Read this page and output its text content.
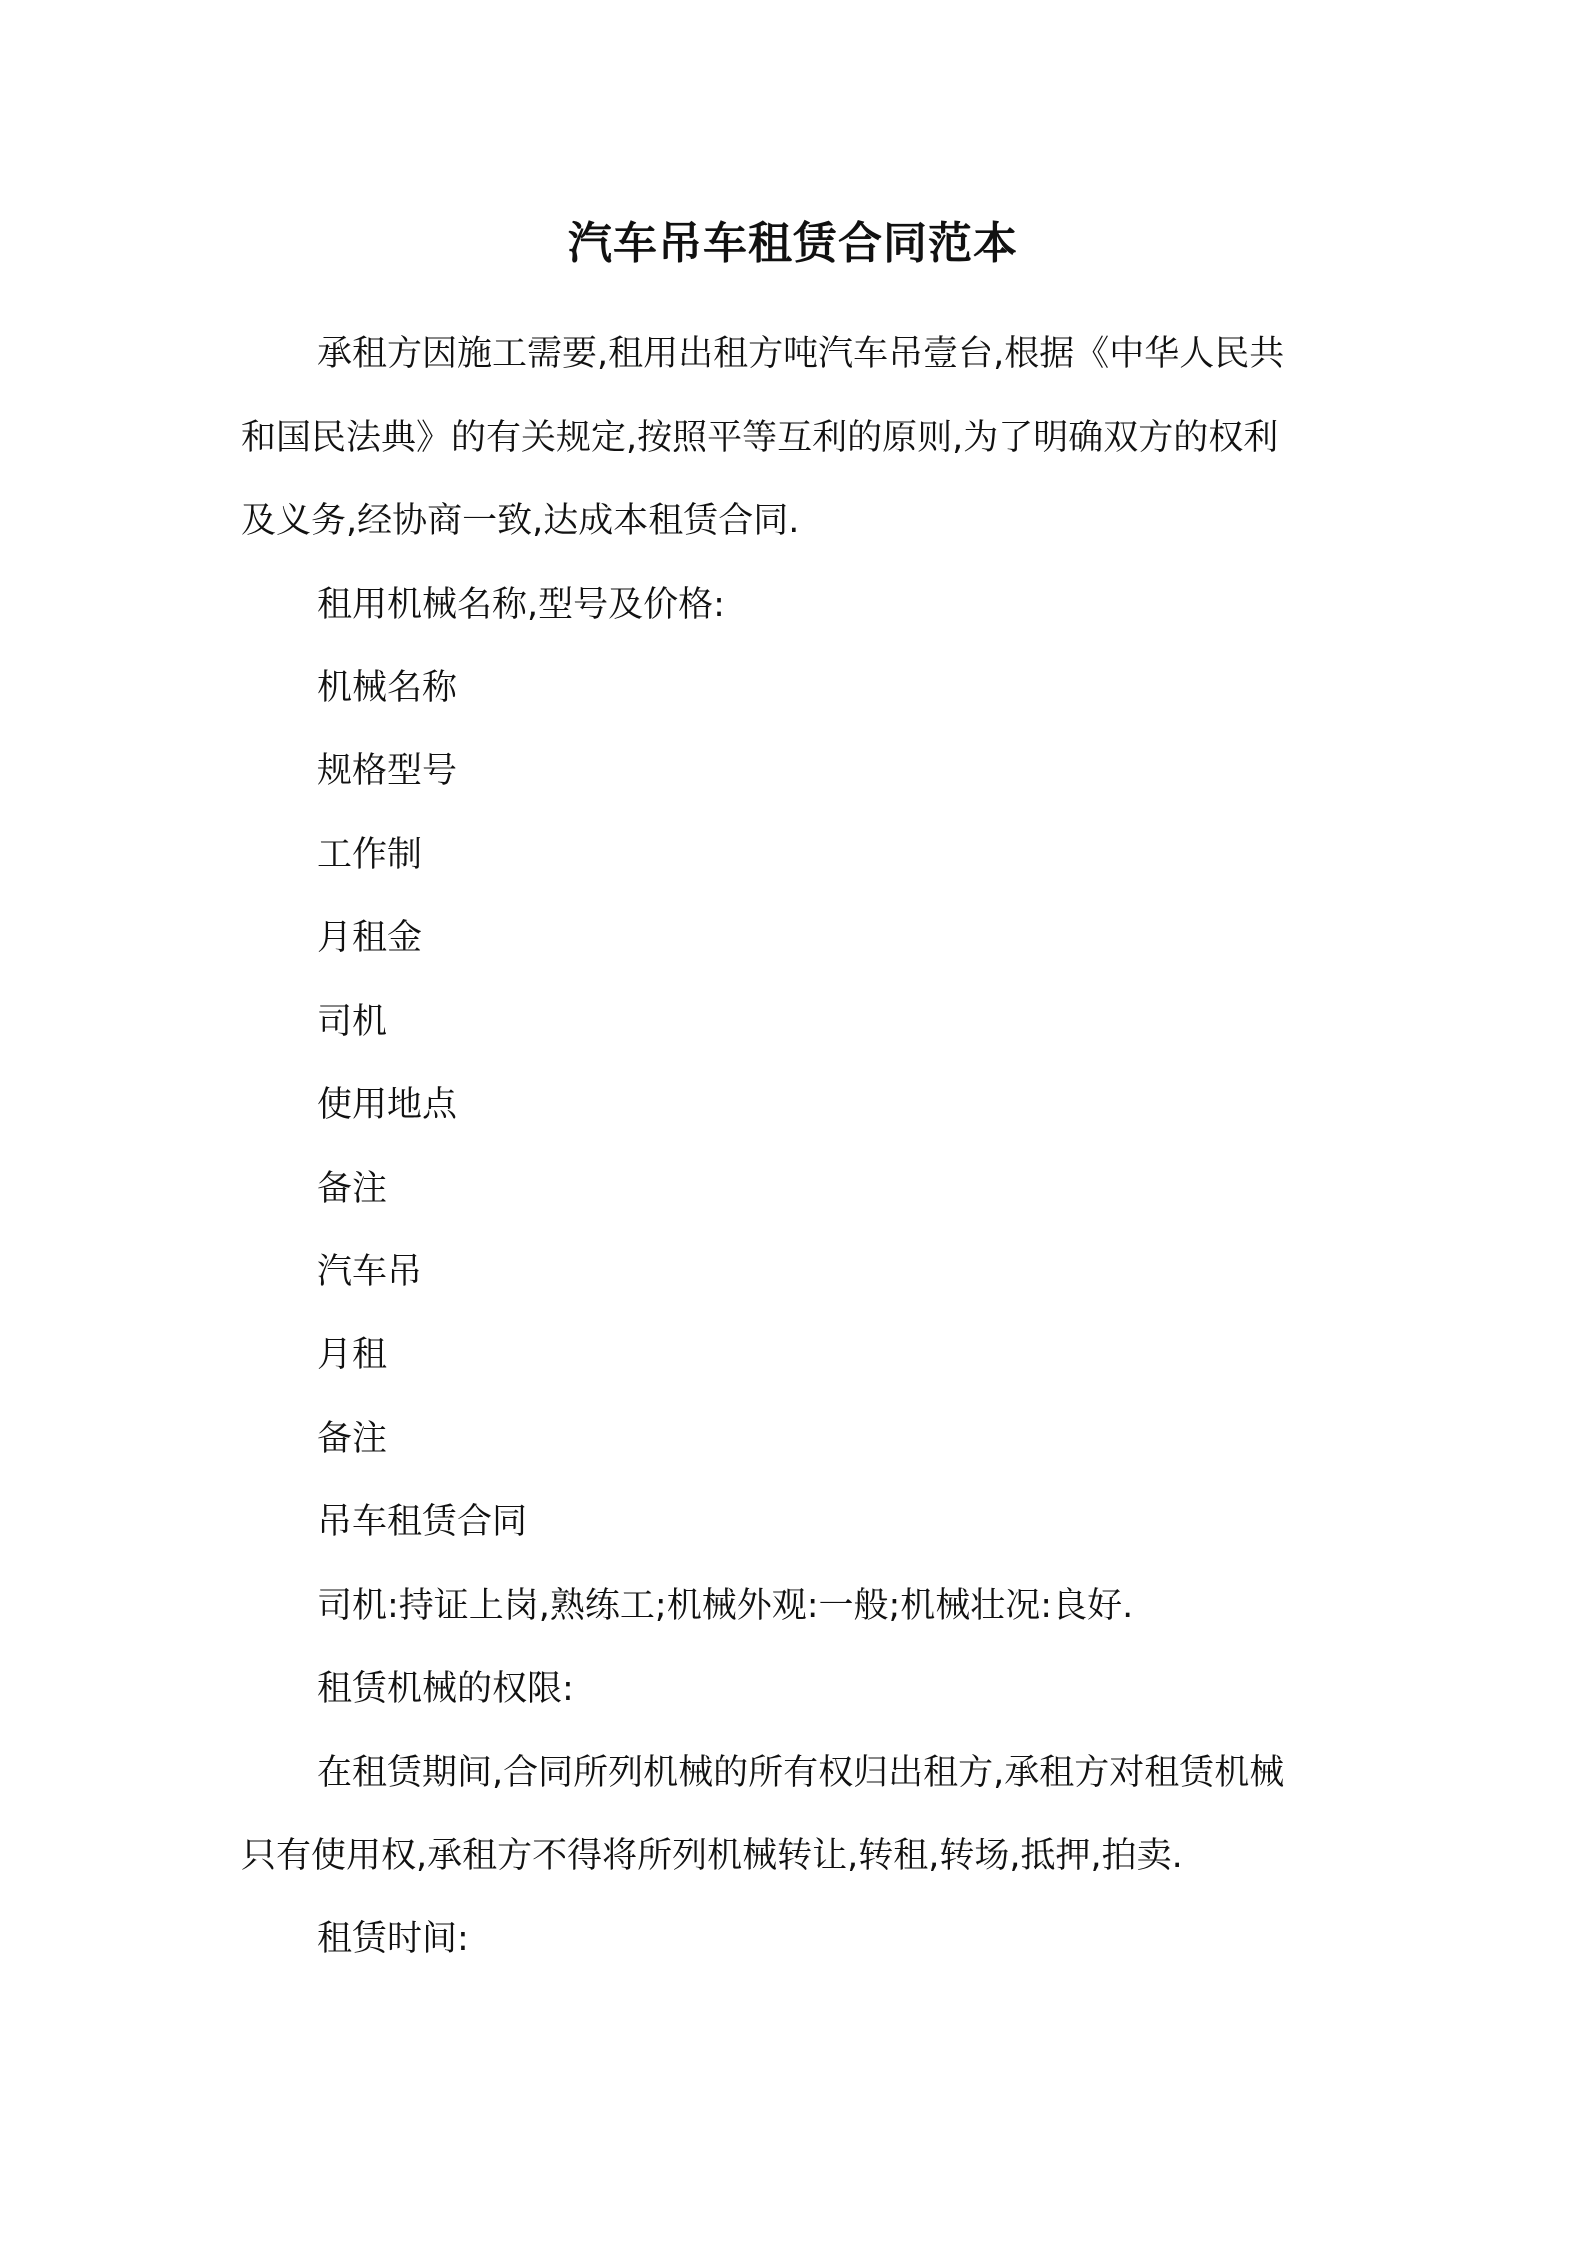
汽车吊车租赁合同范本
承租方因施工需要,租用出租方吨汽车吊壹台,根据《中华人民共
和国民法典》的有关规定,按照平等互利的原则,为了明确双方的权利
及义务,经协商一致,达成本租赁合同.
租用机械名称,型号及价格:
机械名称
规格型号
工作制
月租金
司机
使用地点
备注
汽车吊
月租
备注
吊车租赁合同
司机:持证上岗,熟练工;机械外观:一般;机械壮况:良好.
租赁机械的权限:
在租赁期间,合同所列机械的所有权归出租方,承租方对租赁机械
只有使用权,承租方不得将所列机械转让,转租,转场,抵押,拍卖.
租赁时间:
